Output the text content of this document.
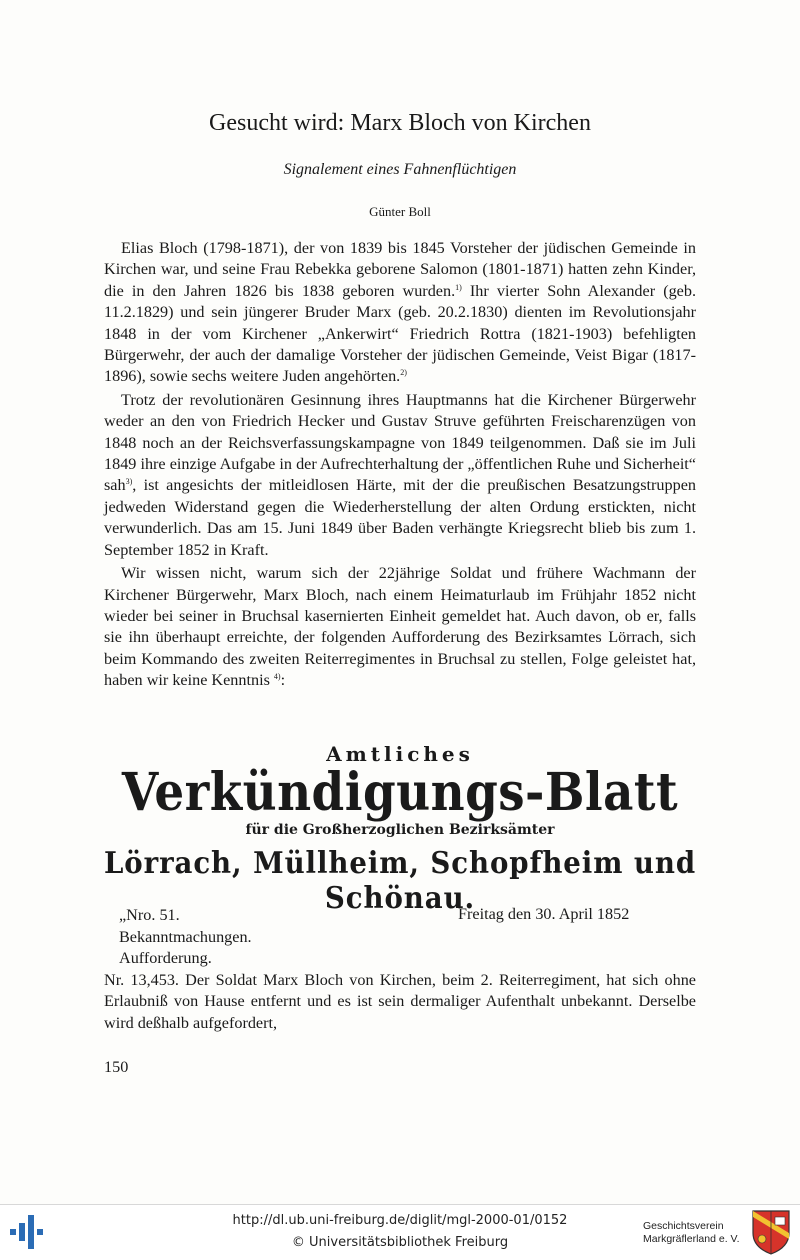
Gesucht wird: Marx Bloch von Kirchen
Signalement eines Fahnenflüchtigen
Günter Boll

Elias Bloch (1798-1871), der von 1839 bis 1845 Vorsteher der jüdischen Gemeinde in Kirchen war, und seine Frau Rebekka geborene Salomon (1801-1871) hatten zehn Kinder, die in den Jahren 1826 bis 1838 geboren wurden.$^{1)}$ Ihr vierter Sohn Alexander (geb. 11.2.1829) und sein jüngerer Bruder Marx (geb. 20.2.1830) dienten im Revolutionsjahr 1848 in der vom Kirchener „Ankerwirt“ Friedrich Rottra (1821-1903) befehligten Bürgerwehr, der auch der damalige Vorsteher der jüdischen Gemeinde, Veist Bigar (1817-1896), sowie sechs weitere Juden angehörten.$^{2)}$

Trotz der revolutionären Gesinnung ihres Hauptmanns hat die Kirchener Bürgerwehr weder an den von Friedrich Hecker und Gustav Struve geführten Freischarenzügen von 1848 noch an der Reichsverfassungskampagne von 1849 teilgenommen. Daß sie im Juli 1849 ihre einzige Aufgabe in der Aufrechterhaltung der „öffentlichen Ruhe und Sicherheit“ sah$^{3)}$, ist angesichts der mitleidlosen Härte, mit der die preußischen Besatzungstruppen jedweden Widerstand gegen die Wiederherstellung der alten Ordung erstickten, nicht verwunderlich. Das am 15. Juni 1849 über Baden verhängte Kriegsrecht blieb bis zum 1. September 1852 in Kraft.

Wir wissen nicht, warum sich der 22jährige Soldat und frühere Wachmann der Kirchener Bürgerwehr, Marx Bloch, nach einem Heimaturlaub im Frühjahr 1852 nicht wieder bei seiner in Bruchsal kasernierten Einheit gemeldet hat. Auch davon, ob er, falls sie ihn überhaupt erreichte, der folgenden Aufforderung des Bezirksamtes Lörrach, sich beim Kommando des zweiten Reiterregimentes in Bruchsal zu stellen, Folge geleistet hat, haben wir keine Kenntnis $^{4)}$:

Amtliches
Verkündigungs-Blatt
für die Großherzoglichen Bezirksämter
Lörrach, Müllheim, Schopfheim und Schönau.
„Nro. 51.	Freitag den 30. April 1852
Bekanntmachungen.
Aufforderung.

Nr. 13,453. Der Soldat Marx Bloch von Kirchen, beim 2. Reiterregiment, hat sich ohne Erlaubniß von Hause entfernt und es ist sein dermaliger Aufenthalt unbekannt. Derselbe wird deßhalb aufgefordert,

150
http://dl.ub.uni-freiburg.de/diglit/mgl-2000-01/0152
© Universitätsbibliothek Freiburg
Geschichtsverein
Markgräflerland e. V.
